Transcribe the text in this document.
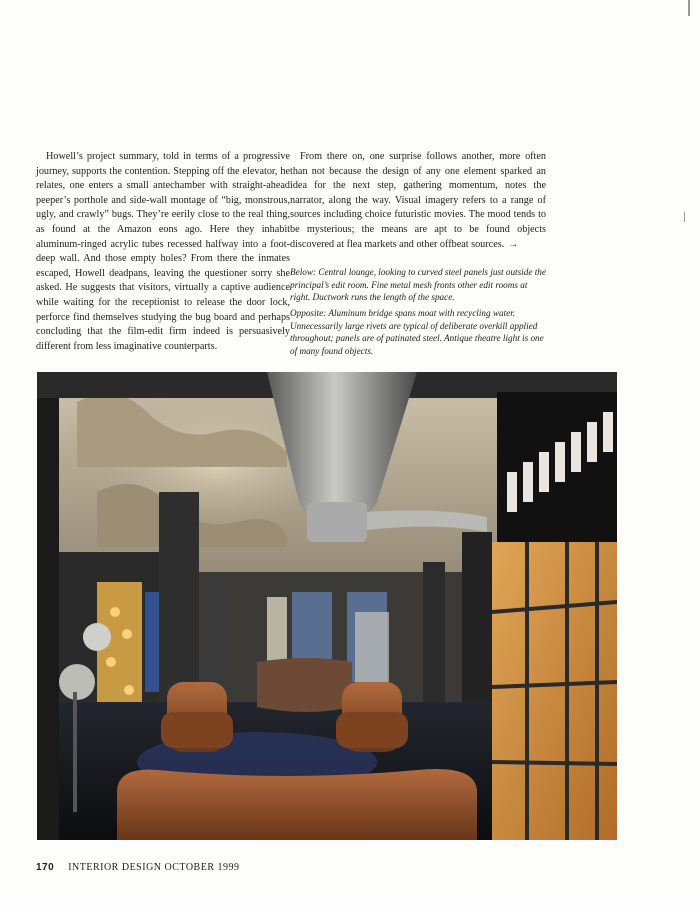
Howell’s project summary, told in terms of a progressive journey, supports the contention. Stepping off the elevator, he relates, one enters a small antechamber with straight-ahead peeper’s porthole and side-wall montage of “big, monstrous, ugly, and crawly” bugs. They’re eerily close to the real thing, as found at the Amazon eons ago. Here they inhabit aluminum-ringed acrylic tubes recessed halfway into a foot-deep wall. And those empty holes? From there the inmates escaped, Howell deadpans, leaving the questioner sorry she asked. He suggests that visitors, virtually a captive audience while waiting for the receptionist to release the door lock, perforce find themselves studying the bug board and perhaps concluding that the film-edit firm indeed is persuasively different from less imaginative counterparts.

From there on, one surprise follows another, more often than not because the design of any one element sparked an idea for the next step, gathering momentum, notes the narrator, along the way. Visual imagery refers to a range of sources including choice futuristic movies. The mood tends to be mysterious; the means are apt to be found objects discovered at flea markets and other offbeat sources. →

Below: Central lounge, looking to curved steel panels just outside the principal’s edit room. Fine metal mesh fronts other edit rooms at right. Ductwork runs the length of the space.
Opposite: Aluminum bridge spans moat with recycling water. Unnecessarily large rivets are typical of deliberate overkill applied throughout; panels are of patinated steel. Antique theatre light is one of many found objects.
170 INTERIOR DESIGN OCTOBER 1999
